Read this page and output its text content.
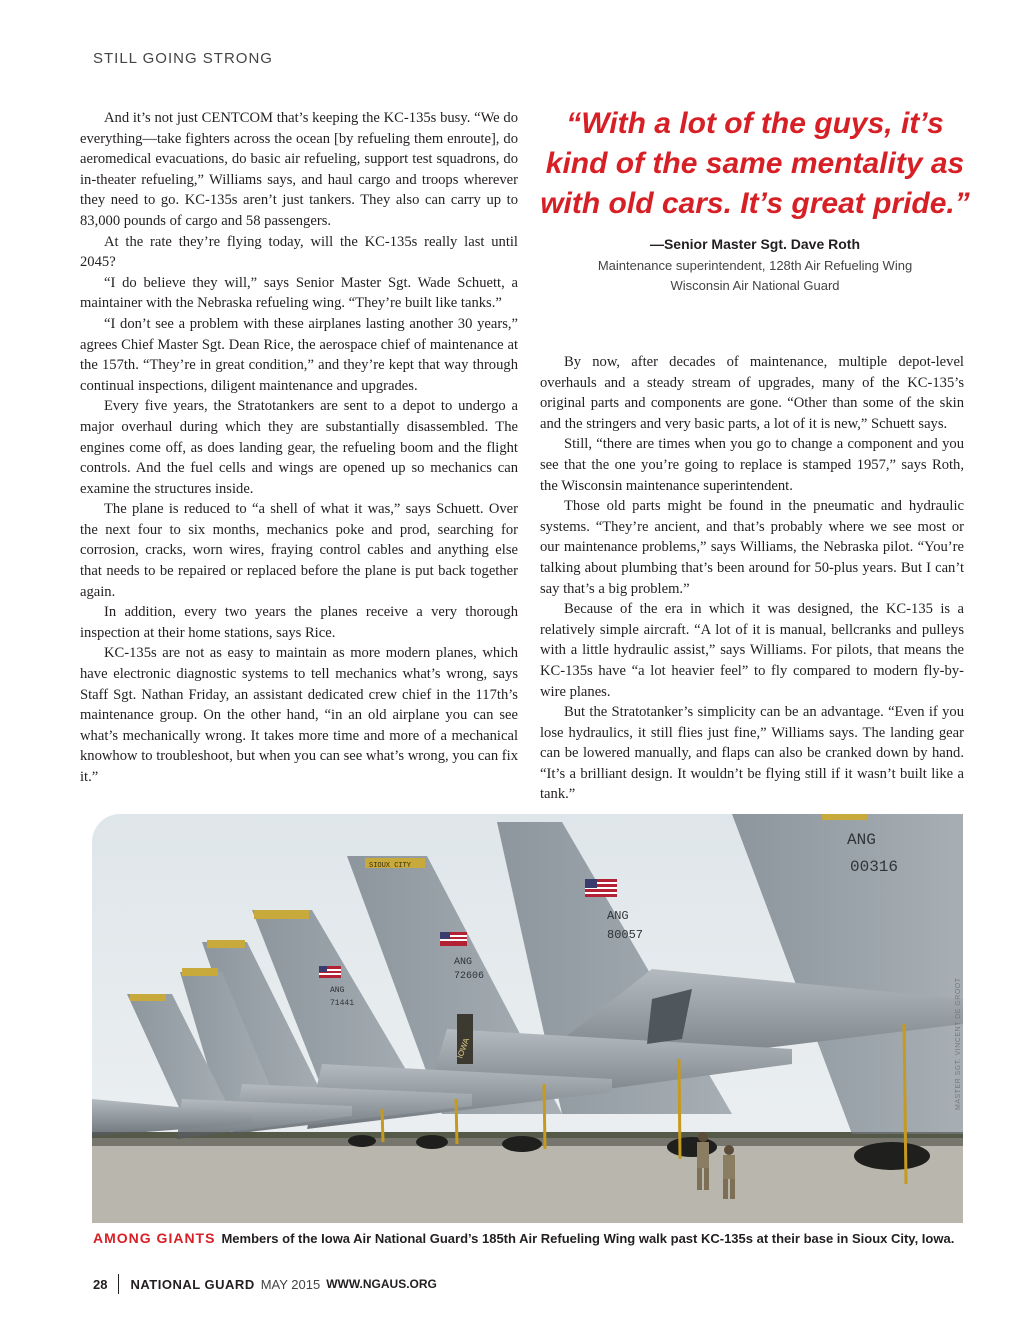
STILL GOING STRONG

And it’s not just CENTCOM that’s keeping the KC-135s busy. “We do everything—take fighters across the ocean [by refueling them enroute], do aeromedical evacuations, do basic air refueling, support test squadrons, do in-theater refueling,” Williams says, and haul cargo and troops wherever they need to go. KC-135s aren’t just tankers. They also can carry up to 83,000 pounds of cargo and 58 passengers.

At the rate they’re flying today, will the KC-135s really last until 2045?

“I do believe they will,” says Senior Master Sgt. Wade Schuett, a maintainer with the Nebraska refueling wing. “They’re built like tanks.”

“I don’t see a problem with these airplanes lasting another 30 years,” agrees Chief Master Sgt. Dean Rice, the aerospace chief of maintenance at the 157th. “They’re in great condition,” and they’re kept that way through continual inspections, diligent maintenance and upgrades.

Every five years, the Stratotankers are sent to a depot to undergo a major overhaul during which they are substantially disassembled. The engines come off, as does landing gear, the refueling boom and the flight controls. And the fuel cells and wings are opened up so mechanics can examine the structures inside.

The plane is reduced to “a shell of what it was,” says Schuett. Over the next four to six months, mechanics poke and prod, searching for corrosion, cracks, worn wires, fraying control cables and anything else that needs to be repaired or replaced before the plane is put back together again.

In addition, every two years the planes receive a very thorough inspection at their home stations, says Rice.

KC-135s are not as easy to maintain as more modern planes, which have electronic diagnostic systems to tell mechanics what’s wrong, says Staff Sgt. Nathan Friday, an assistant dedicated crew chief in the 117th’s maintenance group. On the other hand, “in an old airplane you can see what’s mechanically wrong. It takes more time and more of a mechanical knowhow to troubleshoot, but when you can see what’s wrong, you can fix it.”

“With a lot of the guys, it’s kind of the same mentality as with old cars. It’s great pride.”

—Senior Master Sgt. Dave Roth
Maintenance superintendent, 128th Air Refueling Wing
Wisconsin Air National Guard

By now, after decades of maintenance, multiple depot-level overhauls and a steady stream of upgrades, many of the KC-135’s original parts and components are gone. “Other than some of the skin and the stringers and very basic parts, a lot of it is new,” Schuett says.

Still, “there are times when you go to change a component and you see that the one you’re going to replace is stamped 1957,” says Roth, the Wisconsin maintenance superintendent.

Those old parts might be found in the pneumatic and hydraulic systems. “They’re ancient, and that’s probably where we see most or our maintenance problems,” says Williams, the Nebraska pilot. “You’re talking about plumbing that’s been around for 50-plus years. But I can’t say that’s a big problem.”

Because of the era in which it was designed, the KC-135 is a relatively simple aircraft. “A lot of it is manual, bellcranks and pulleys with a little hydraulic assist,” says Williams. For pilots, that means the KC-135s have “a lot heavier feel” to fly compared to modern fly-by-wire planes.

But the Stratotanker’s simplicity can be an advantage. “Even if you lose hydraulics, it still flies just fine,” Williams says. The landing gear can be lowered manually, and flaps can also be cranked down by hand. “It’s a brilliant design. It wouldn’t be flying still if it wasn’t built like a tank.”

ANG
00316
ANG
80057
ANG
72606
ANG
71441
SIOUX CITY
IOWA	MASTER SGT. VINCENT DE GROOT
AMONG GIANTS Members of the Iowa Air National Guard’s 185th Air Refueling Wing walk past KC-135s at their base in Sioux City, Iowa.
28 NATIONAL GUARD MAY 2015 WWW.NGAUS.ORG
